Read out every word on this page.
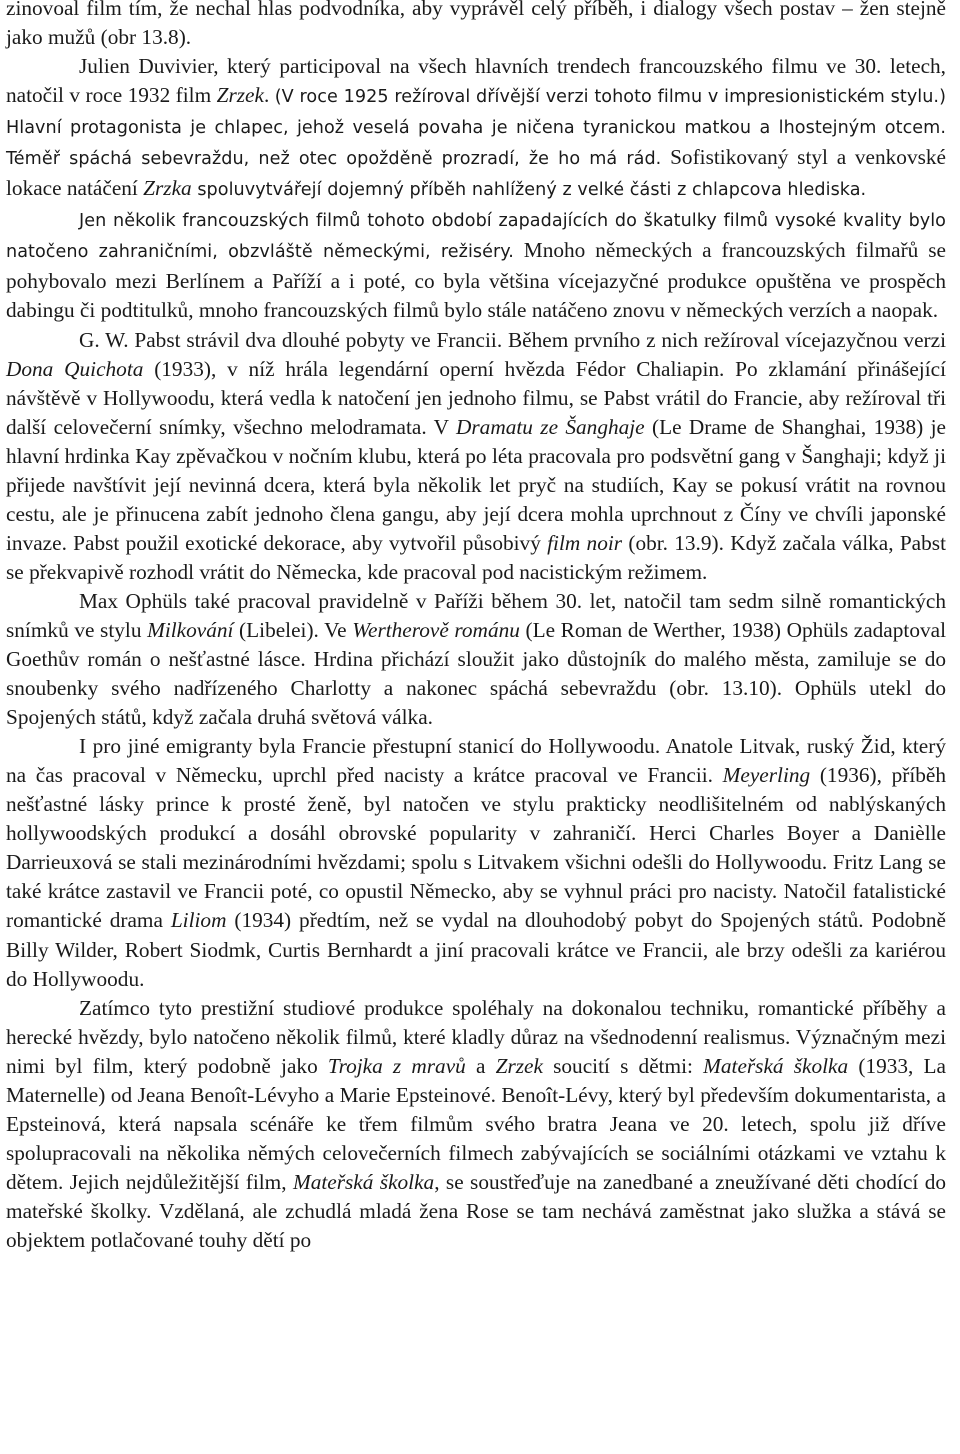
zinovoal film tím, že nechal hlas podvodníka, aby vyprávěl celý příběh, i dialogy všech postav – žen stejně jako mužů (obr 13.8).

Julien Duvivier, který participoval na všech hlavních trendech francouzského filmu ve 30. letech, natočil v roce 1932 film Zrzek. (V roce 1925 režíroval dřívější verzi tohoto filmu v impresionistickém stylu.) Hlavní protagonista je chlapec, jehož veselá povaha je ničena tyranickou matkou a lhostejným otcem. Téměř spáchá sebevraždu, než otec opožděně prozradí, že ho má rád. Sofistikovaný styl a venkovské lokace natáčení Zrzka spoluvytvářejí dojemný příběh nahlížený z velké části z chlapcova hlediska.

Jen několik francouzských filmů tohoto období zapadajících do škatulky filmů vysoké kvality bylo natočeno zahraničními, obzvláště německými, režiséry. Mnoho německých a francouzských filmařů se pohybovalo mezi Berlínem a Paříží a i poté, co byla většina vícejazyčné produkce opuštěna ve prospěch dabingu či podtitulků, mnoho francouzských filmů bylo stále natáčeno znovu v německých verzích a naopak.

G. W. Pabst strávil dva dlouhé pobyty ve Francii. Během prvního z nich režíroval vícejazyčnou verzi Dona Quichota (1933), v níž hrála legendární operní hvězda Fédor Chaliapin. Po zklamání přinášející návštěvě v Hollywoodu, která vedla k natočení jen jednoho filmu, se Pabst vrátil do Francie, aby režíroval tři další celovečerní snímky, všechno melodramata. V Dramatu ze Šanghaje (Le Drame de Shanghai, 1938) je hlavní hrdinka Kay zpěvačkou v nočním klubu, která po léta pracovala pro podsvětní gang v Šanghaji; když ji přijede navštívit její nevinná dcera, která byla několik let pryč na studiích, Kay se pokusí vrátit na rovnou cestu, ale je přinucena zabít jednoho člena gangu, aby její dcera mohla uprchnout z Číny ve chvíli japonské invaze. Pabst použil exotické dekorace, aby vytvořil působivý film noir (obr. 13.9). Když začala válka, Pabst se překvapivě rozhodl vrátit do Německa, kde pracoval pod nacistickým režimem.

Max Ophüls také pracoval pravidelně v Paříži během 30. let, natočil tam sedm silně romantických snímků ve stylu Milkování (Libelei). Ve Wertherově románu (Le Roman de Werther, 1938) Ophüls zadaptoval Goethův román o nešťastné lásce. Hrdina přichází sloužit jako důstojník do malého města, zamiluje se do snoubenky svého nadřízeného Charlotty a nakonec spáchá sebevraždu (obr. 13.10). Ophüls utekl do Spojených států, když začala druhá světová válka.

I pro jiné emigranty byla Francie přestupní stanicí do Hollywoodu. Anatole Litvak, ruský Žid, který na čas pracoval v Německu, uprchl před nacisty a krátce pracoval ve Francii. Meyerling (1936), příběh nešťastné lásky prince k prosté ženě, byl natočen ve stylu prakticky neodlišitelném od nablýskaných hollywoodských produkcí a dosáhl obrovské popularity v zahraničí. Herci Charles Boyer a Danièlle Darrieuxová se stali mezinárodními hvězdami; spolu s Litvakem všichni odešli do Hollywoodu. Fritz Lang se také krátce zastavil ve Francii poté, co opustil Německo, aby se vyhnul práci pro nacisty. Natočil fatalistické romantické drama Liliom (1934) předtím, než se vydal na dlouhodobý pobyt do Spojených států. Podobně Billy Wilder, Robert Siodmk, Curtis Bernhardt a jiní pracovali krátce ve Francii, ale brzy odešli za kariérou do Hollywoodu.

Zatímco tyto prestižní studiové produkce spoléhaly na dokonalou techniku, romantické příběhy a herecké hvězdy, bylo natočeno několik filmů, které kladly důraz na všednodenní realismus. Význačným mezi nimi byl film, který podobně jako Trojka z mravů a Zrzek soucití s dětmi: Mateřská školka (1933, La Maternelle) od Jeana Benoît-Lévyho a Marie Epsteinové. Benoît-Lévy, který byl především dokumentarista, a Epsteinová, která napsala scénáře ke třem filmům svého bratra Jeana ve 20. letech, spolu již dříve spolupracovali na několika němých celovečerních filmech zabývajících se sociálními otázkami ve vztahu k dětem. Jejich nejdůležitější film, Mateřská školka, se soustřeďuje na zanedbané a zneužívané děti chodící do mateřské školky. Vzdělaná, ale zchudlá mladá žena Rose se tam nechává zaměstnat jako služka a stává se objektem potlačované touhy dětí po
